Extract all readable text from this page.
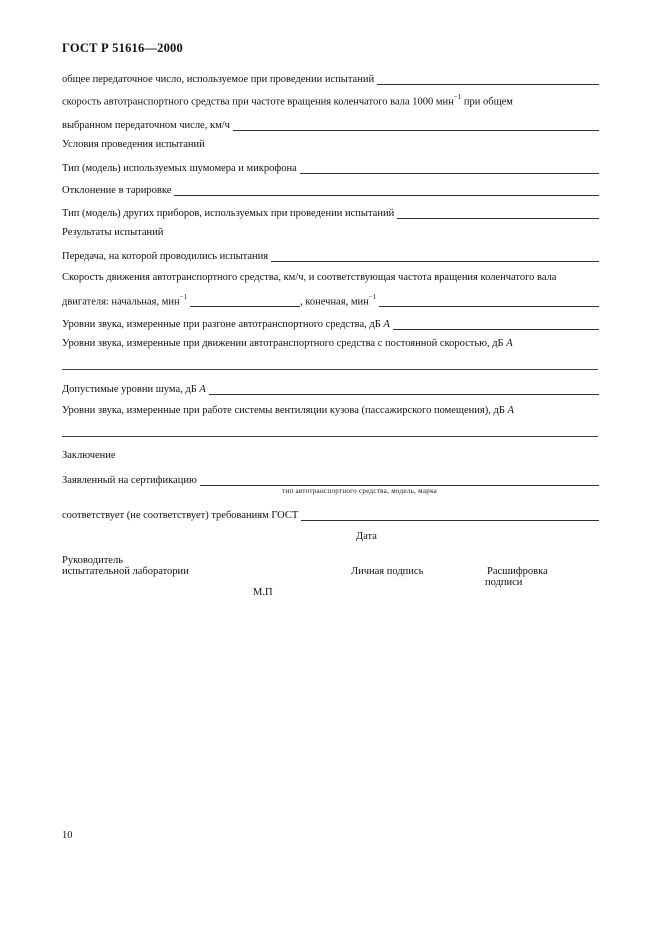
ГОСТ Р 51616—2000
общее передаточное число, используемое при проведении испытаний
скорость автотранспортного средства при частоте вращения коленчатого вала 1000 мин$^{-1}$ при общем
выбранном передаточном числе, км/ч
Условия проведения испытаний
Тип (модель) используемых шумомера и микрофона
Отклонение в тарировке
Тип (модель) других приборов, используемых при проведении испытаний
Результаты испытаний
Передача, на которой проводились испытания
Скорость движения автотранспортного средства, км/ч, и соответствующая частота вращения коленчатого вала
двигателя: начальная, мин$^{-1}$	, конечная, мин$^{-1}$
Уровни звука, измеренные при разгоне автотранспортного средства, дБ А
Уровни звука, измеренные при движении автотранспортного средства с постоянной скоростью, дБ А
Допустимые уровни шума, дБ А
Уровни звука, измеренные при работе системы вентиляции кузова (пассажирского помещения), дБ А
Заключение
Заявленный на сертификацию
тип автотранспортного средства, модель, марка
соответствует (не соответствует) требованиям ГОСТ
Дата
Руководитель
испытательной лаборатории	Личная подпись	Расшифровка
подписи
М.П
10
